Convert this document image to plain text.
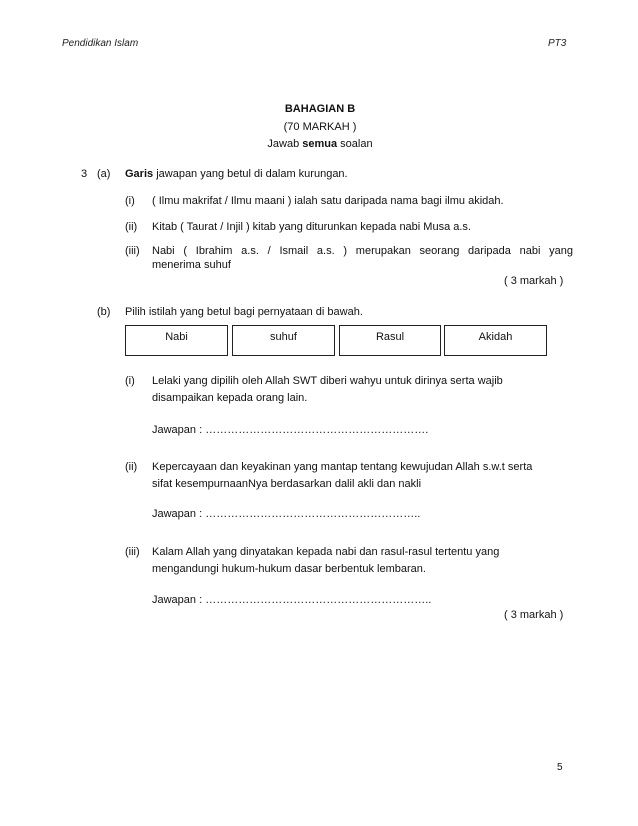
Pendidikan Islam	PT3
BAHAGIAN B
(70 MARKAH )
Jawab semua soalan
3 (a) Garis jawapan yang betul di dalam kurungan.
(i) ( Ilmu makrifat / Ilmu maani ) ialah satu daripada nama bagi ilmu akidah.
(ii) Kitab ( Taurat / Injil ) kitab yang diturunkan kepada nabi Musa a.s.
(iii) Nabi ( Ibrahim a.s. / Ismail a.s. ) merupakan seorang daripada nabi yang
menerima suhuf
( 3 markah )
(b) Pilih istilah yang betul bagi pernyataan di bawah.
Nabi	suhuf	Rasul	Akidah
(i) Lelaki yang dipilih oleh Allah SWT diberi wahyu untuk dirinya serta wajib
disampaikan kepada orang lain.
Jawapan : …………………………………………………….
(ii) Kepercayaan dan keyakinan yang mantap tentang kewujudan Allah s.w.t serta
sifat kesempurnaanNya berdasarkan dalil akli dan nakli
Jawapan : …………………………………………………..
(iii) Kalam Allah yang dinyatakan kepada nabi dan rasul-rasul tertentu yang
mengandungi hukum-hukum dasar berbentuk lembaran.
Jawapan : ……………………………………………………..
( 3 markah )
5
